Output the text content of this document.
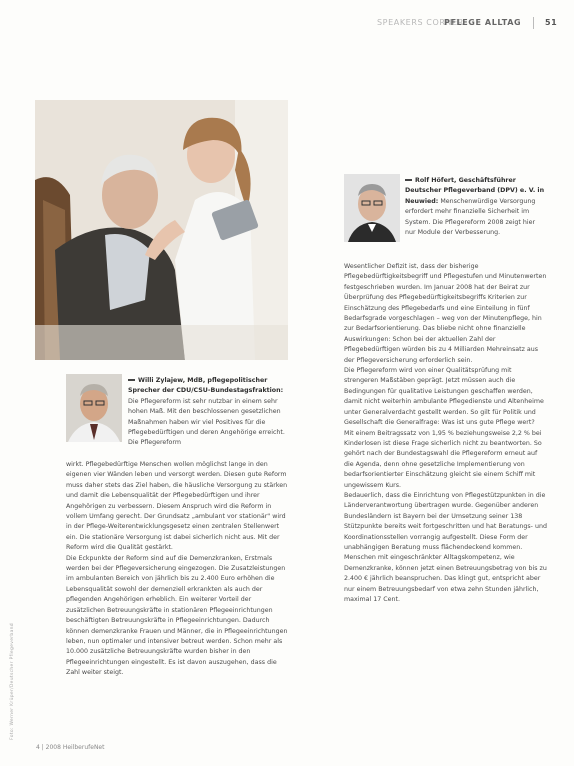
SPEAKERS CORNER
PFLEGE ALLTAG	51
Rolf Höfert, Geschäftsführer Deutscher Pflegeverband (DPV) e. V. in Neuwied: Menschenwürdige Versorgung erfordert mehr finanzielle Sicherheit im System. Die Pflegereform 2008 zeigt hier nur Module der Verbesserung.

Wesentlicher Defizit ist, dass der bisherige Pflegebedürftigkeitsbegriff und Pflegestufen und Minutenwerten festgeschrieben wurden. Im Januar 2008 hat der Beirat zur Überprüfung des Pflegebedürftigkeitsbegriffs Kriterien zur Einschätzung des Pflegebedarfs und eine Einteilung in fünf Bedarfsgrade vorgeschlagen – weg von der Minutenpflege, hin zur Bedarfsorientierung. Das bliebe nicht ohne finanzielle Auswirkungen: Schon bei der aktuellen Zahl der Pflegebedürftigen würden bis zu 4 Milliarden Mehreinsatz aus der Pflegeversicherung erforderlich sein.

Die Pflegereform wird von einer Qualitätsprüfung mit strengeren Maßstäben geprägt. Jetzt müssen auch die Bedingungen für qualitative Leistungen geschaffen werden, damit nicht weiterhin ambulante Pflegedienste und Altenheime unter Generalverdacht gestellt werden. So gilt für Politik und Gesellschaft die Generalfrage: Was ist uns gute Pflege wert?

Mit einem Beitragssatz von 1,95 % beziehungsweise 2,2 % bei Kinderlosen ist diese Frage sicherlich nicht zu beantworten. So gehört nach der Bundestagswahl die Pflegereform erneut auf die Agenda, denn ohne gesetzliche Implementierung von bedarfsorientierter Einschätzung gleicht sie einem Schiff mit ungewissem Kurs.

Bedauerlich, dass die Einrichtung von Pflegestützpunkten in die Länderverantwortung übertragen wurde. Gegenüber anderen Bundesländern ist Bayern bei der Umsetzung seiner 138 Stützpunkte bereits weit fortgeschritten und hat Beratungs- und Koordinationsstellen vorrangig aufgestellt. Diese Form der unabhängigen Beratung muss flächendeckend kommen.

Menschen mit eingeschränkter Alltagskompetenz, wie Demenzkranke, können jetzt einen Betreuungsbetrag von bis zu 2.400 € jährlich beanspruchen. Das klingt gut, entspricht aber nur einem Betreuungsbedarf von etwa zehn Stunden jährlich, maximal 17 Cent.

Willi Zylajew, MdB, pflegepolitischer Sprecher der CDU/CSU-Bundestagsfraktion: Die Pflegereform ist sehr nutzbar in einem sehr hohen Maß. Mit den beschlossenen gesetzlichen Maßnahmen haben wir viel Positives für die Pflegebedürftigen und deren Angehörige erreicht. Die Pflegereform

wirkt. Pflegebedürftige Menschen wollen möglichst lange in den eigenen vier Wänden leben und versorgt werden. Diesen gute Reform muss daher stets das Ziel haben, die häusliche Versorgung zu stärken und damit die Lebensqualität der Pflegebedürftigen und ihrer Angehörigen zu verbessern. Diesem Anspruch wird die Reform in vollem Umfang gerecht. Der Grundsatz „ambulant vor stationär" wird in der Pflege-Weiterentwicklungsgesetz einen zentralen Stellenwert ein. Die stationäre Versorgung ist dabei sicherlich nicht aus. Mit der Reform wird die Qualität gestärkt.

Die Eckpunkte der Reform sind auf die Demenzkranken, Erstmals werden bei der Pflegeversicherung eingezogen. Die Zusatzleistungen im ambulanten Bereich von jährlich bis zu 2.400 Euro erhöhen die Lebensqualität sowohl der demenziell erkrankten als auch der pflegenden Angehörigen erheblich. Ein weiterer Vorteil der zusätzlichen Betreuungskräfte in stationären Pflegeeinrichtungen beschäftigten Betreuungskräfte in Pflegeeinrichtungen. Dadurch können demenzkranke Frauen und Männer, die in Pflegeeinrichtungen leben, nun optimaler und intensiver betreut werden. Schon mehr als 10.000 zusätzliche Betreuungskräfte wurden bisher in den Pflegeeinrichtungen eingestellt. Es ist davon auszugehen, dass die Zahl weiter steigt.

Foto: Werner Krüper/Deutscher Pflegeverband
4 | 2008 HeilberufeNet
